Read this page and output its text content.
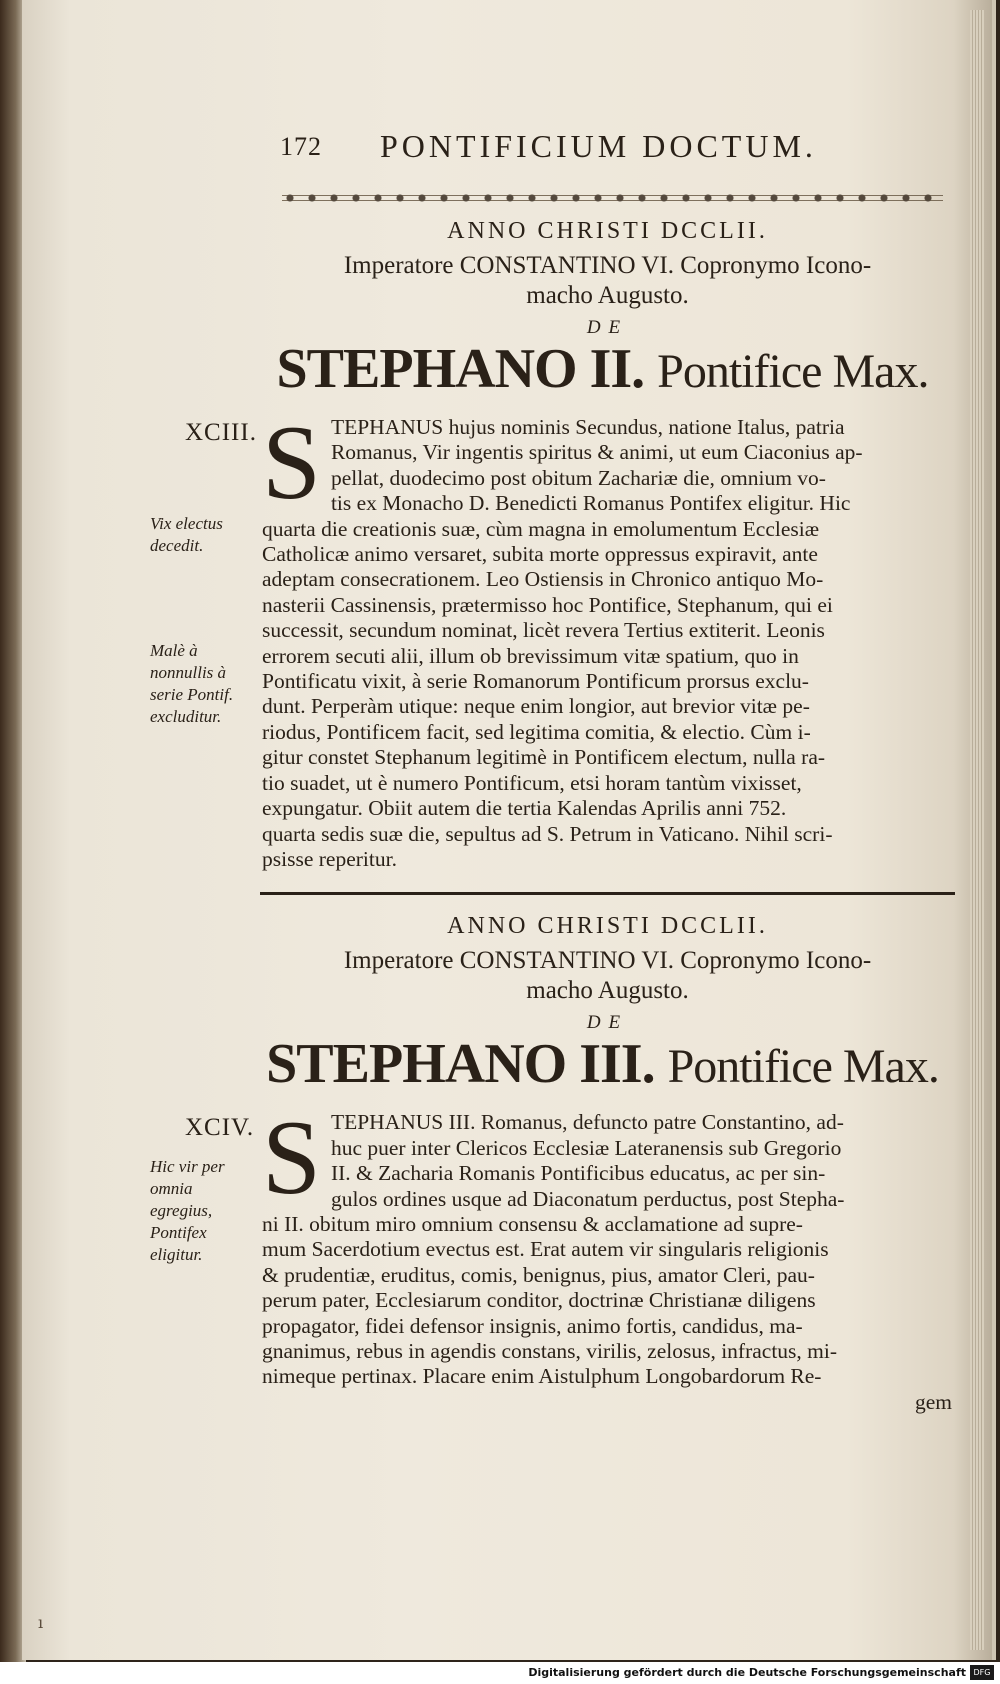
172 PONTIFICIUM DOCTUM.
ANNO CHRISTI DCCLII.
Imperatore CONSTANTINO VI. Copronymo Icono-
macho Augusto.
DE
STEPHANO II. Pontifice Max.
XCIII.
Vix electus decedit.
Malè à nonnullis à serie Pontif. excluditur.
S TEPHANUS hujus nominis Secundus, natione Italus, patria
Romanus, Vir ingentis spiritus & animi, ut eum Ciaconius ap-
pellat, duodecimo post obitum Zachariæ die, omnium vo-
tis ex Monacho D. Benedicti Romanus Pontifex eligitur. Hic
quarta die creationis suæ, cùm magna in emolumentum Ecclesiæ
Catholicæ animo versaret, subita morte oppressus expiravit, ante
adeptam consecrationem. Leo Ostiensis in Chronico antiquo Mo-
nasterii Cassinensis, prætermisso hoc Pontifice, Stephanum, qui ei
successit, secundum nominat, licèt revera Tertius extiterit. Leonis
errorem secuti alii, illum ob brevissimum vitæ spatium, quo in
Pontificatu vixit, à serie Romanorum Pontificum prorsus exclu-
dunt. Perperàm utique: neque enim longior, aut brevior vitæ pe-
riodus, Pontificem facit, sed legitima comitia, & electio. Cùm i-
gitur constet Stephanum legitimè in Pontificem electum, nulla ra-
tio suadet, ut è numero Pontificum, etsi horam tantùm vixisset,
expungatur. Obiit autem die tertia Kalendas Aprilis anni 752.
quarta sedis suæ die, sepultus ad S. Petrum in Vaticano. Nihil scri-
psisse reperitur.
ANNO CHRISTI DCCLII.
Imperatore CONSTANTINO VI. Copronymo Icono-
macho Augusto.
DE
STEPHANO III. Pontifice Max.
XCIV.
Hic vir per omnia egregius, Pontifex eligitur.
S TEPHANUS III. Romanus, defuncto patre Constantino, ad-
huc puer inter Clericos Ecclesiæ Lateranensis sub Gregorio
II. & Zacharia Romanis Pontificibus educatus, ac per sin-
gulos ordines usque ad Diaconatum perductus, post Stepha-
ni II. obitum miro omnium consensu & acclamatione ad supre-
mum Sacerdotium evectus est. Erat autem vir singularis religionis
& prudentiæ, eruditus, comis, benignus, pius, amator Cleri, pau-
perum pater, Ecclesiarum conditor, doctrinæ Christianæ diligens
propagator, fidei defensor insignis, animo fortis, candidus, ma-
gnanimus, rebus in agendis constans, virilis, zelosus, infractus, mi-
nimeque pertinax. Placare enim Aistulphum Longobardorum Re-
gem
ı
Digitalisierung gefördert durch die Deutsche Forschungsgemeinschaft DFG
